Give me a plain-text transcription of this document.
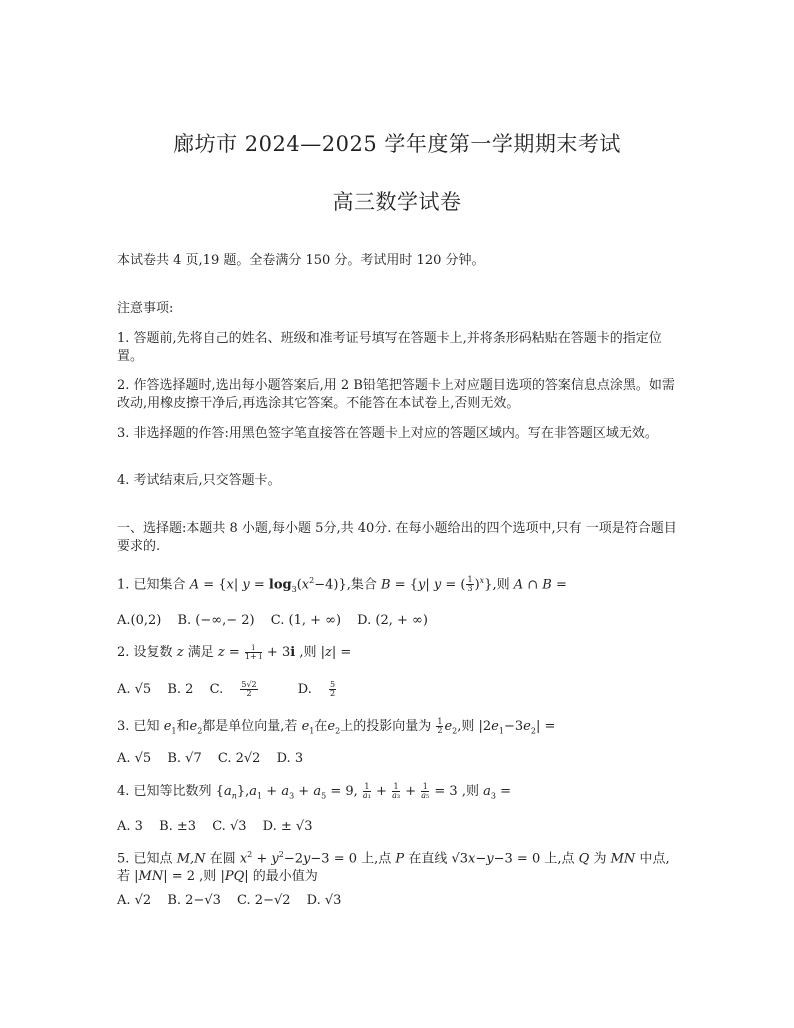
廊坊市 2024—2025 学年度第一学期期末考试
高三数学试卷
本试卷共 4 页,19 题。全卷满分 150 分。考试用时 120 分钟。
注意事项:
1. 答题前,先将自己的姓名、班级和准考证号填写在答题卡上,并将条形码粘贴在答题卡的指定位置。
2. 作答选择题时,选出每小题答案后,用 2 B铅笔把答题卡上对应题目选项的答案信息点涂黑。如需改动,用橡皮擦干净后,再选涂其它答案。不能答在本试卷上,否则无效。
3. 非选择题的作答:用黑色签字笔直接答在答题卡上对应的答题区域内。写在非答题区域无效。
4. 考试结束后,只交答题卡。
一、选择题:本题共 8 小题,每小题 5分,共 40分. 在每小题给出的四个选项中,只有 一项是符合题目要求的.
1. 已知集合 A = {x| $y = \log_3(x^2-4)$},集合 B = {y| y = ( $\frac{1}{3} )^x$},则 A ∩ B =
A.(0,2) B. (−∞,− 2) C. (1, + ∞) D. (2, + ∞)
2. 设复数 z 满足 $z = \frac{i}{1+ i} + 3i$ ,则 |z| =
A. √5 B. 2 C. $\frac{5√2}{2} D$. $\frac{5}{2}$
3. 已知 $e_1$和$e_2$都是单位向量,若 $e_1$在$e_2$上的投影向量为 $\frac{1}{2} e_2$,则 $|2e_1-3e_2|$ =
A. √5 B. √7 C. 2√2 D. 3
4. 已知等比数列 $\{a_n\},a_1 + a_3 + a_5 = 9$, $\frac{1}{\text{a₁}} + \frac{1}{\text{a₃}} + \frac{1}{\text{a₅}} = 3$ ,则 $a_3$ =
A. 3 B. ±3 C. √3 D. ± √3
5. 已知点 M,N 在圆 $x^2 + y^2-2y-3 = 0$ 上,点 P 在直线 √3x−y−3 = 0 上,点 Q 为 MN 中点,若 |MN| = 2 ,则 |PQ| 的最小值为
A. √2 B. 2−√3 C. 2−√2 D. √3
